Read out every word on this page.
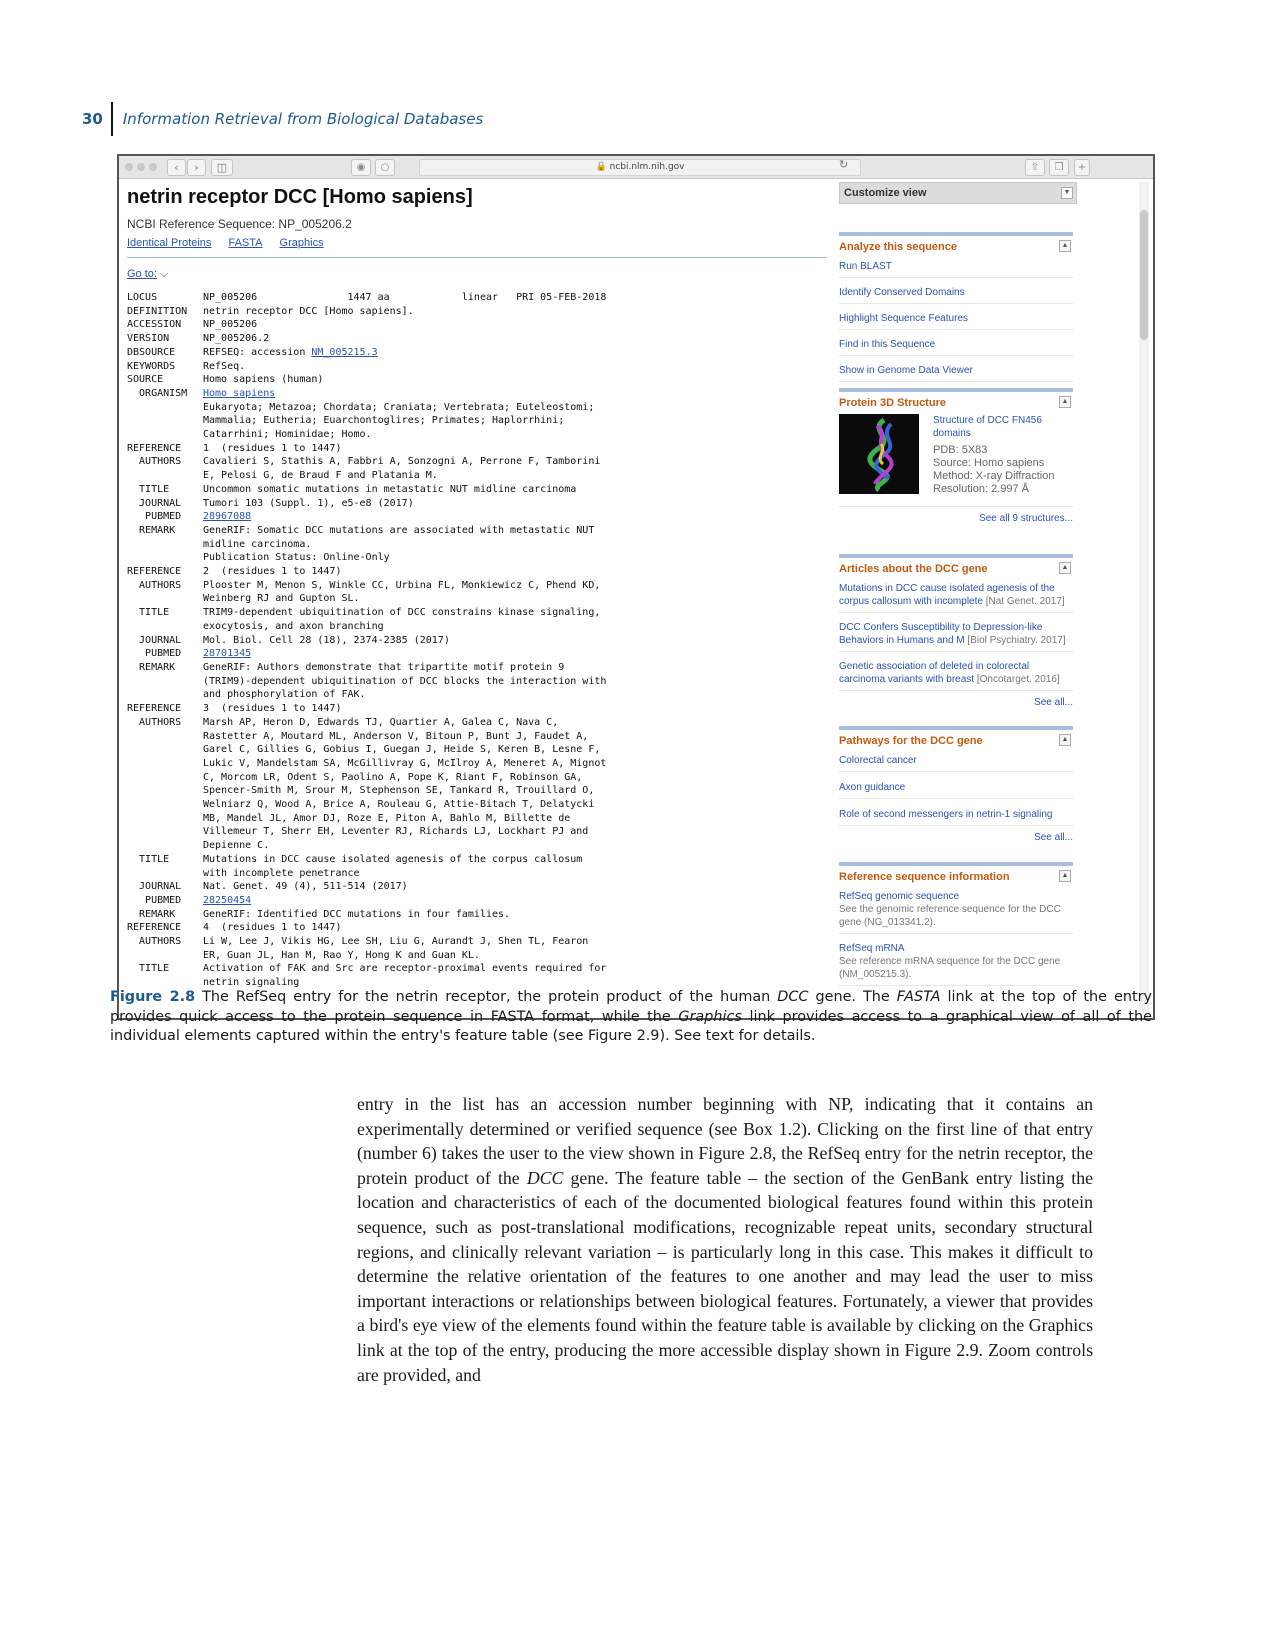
30	Information Retrieval from Biological Databases
‹	›	◫	◉	○	🔒 ncbi.nlm.nih.gov	↻	⇧	❐	+
netrin receptor DCC [Homo sapiens]
NCBI Reference Sequence: NP_005206.2
Identical Proteins FASTA Graphics
Go to: ⌵
LOCUS	NP_005206               1447 aa            linear   PRI 05-FEB-2018
DEFINITION	netrin receptor DCC [Homo sapiens].
ACCESSION	NP_005206
VERSION	NP_005206.2
DBSOURCE	REFSEQ: accession NM_005215.3
KEYWORDS	RefSeq.
SOURCE	Homo sapiens (human)
ORGANISM	Homo sapiens
Eukaryota; Metazoa; Chordata; Craniata; Vertebrata; Euteleostomi;
Mammalia; Eutheria; Euarchontoglires; Primates; Haplorrhini;
Catarrhini; Hominidae; Homo.
REFERENCE	1  (residues 1 to 1447)
AUTHORS	Cavalieri S, Stathis A, Fabbri A, Sonzogni A, Perrone F, Tamborini
E, Pelosi G, de Braud F and Platania M.
TITLE	Uncommon somatic mutations in metastatic NUT midline carcinoma
JOURNAL	Tumori 103 (Suppl. 1), e5-e8 (2017)
PUBMED	28967088
REMARK	GeneRIF: Somatic DCC mutations are associated with metastatic NUT
midline carcinoma.
Publication Status: Online-Only
REFERENCE	2  (residues 1 to 1447)
AUTHORS	Plooster M, Menon S, Winkle CC, Urbina FL, Monkiewicz C, Phend KD,
Weinberg RJ and Gupton SL.
TITLE	TRIM9-dependent ubiquitination of DCC constrains kinase signaling,
exocytosis, and axon branching
JOURNAL	Mol. Biol. Cell 28 (18), 2374-2385 (2017)
PUBMED	28701345
REMARK	GeneRIF: Authors demonstrate that tripartite motif protein 9
(TRIM9)-dependent ubiquitination of DCC blocks the interaction with
and phosphorylation of FAK.
REFERENCE	3  (residues 1 to 1447)
AUTHORS	Marsh AP, Heron D, Edwards TJ, Quartier A, Galea C, Nava C,
Rastetter A, Moutard ML, Anderson V, Bitoun P, Bunt J, Faudet A,
Garel C, Gillies G, Gobius I, Guegan J, Heide S, Keren B, Lesne F,
Lukic V, Mandelstam SA, McGillivray G, McIlroy A, Meneret A, Mignot
C, Morcom LR, Odent S, Paolino A, Pope K, Riant F, Robinson GA,
Spencer-Smith M, Srour M, Stephenson SE, Tankard R, Trouillard O,
Welniarz Q, Wood A, Brice A, Rouleau G, Attie-Bitach T, Delatycki
MB, Mandel JL, Amor DJ, Roze E, Piton A, Bahlo M, Billette de
Villemeur T, Sherr EH, Leventer RJ, Richards LJ, Lockhart PJ and
Depienne C.
TITLE	Mutations in DCC cause isolated agenesis of the corpus callosum
with incomplete penetrance
JOURNAL	Nat. Genet. 49 (4), 511-514 (2017)
PUBMED	28250454
REMARK	GeneRIF: Identified DCC mutations in four families.
REFERENCE	4  (residues 1 to 1447)
AUTHORS	Li W, Lee J, Vikis HG, Lee SH, Liu G, Aurandt J, Shen TL, Fearon
ER, Guan JL, Han M, Rao Y, Hong K and Guan KL.
TITLE	Activation of FAK and Src are receptor-proximal events required for
netrin signaling
Customize view	▼
Analyze this sequence	▲
Run BLAST
Identify Conserved Domains
Highlight Sequence Features
Find in this Sequence
Show in Genome Data Viewer
Protein 3D Structure	▲
Structure of DCC FN456 domains
PDB: 5X83
Source: Homo sapiens
Method: X-ray Diffraction
Resolution: 2.997 Å
See all 9 structures...
Articles about the DCC gene	▲
Mutations in DCC cause isolated agenesis of the corpus callosum with incomplete [Nat Genet. 2017]
DCC Confers Susceptibility to Depression-like Behaviors in Humans and M [Biol Psychiatry. 2017]
Genetic association of deleted in colorectal carcinoma variants with breast [Oncotarget. 2016]
See all...
Pathways for the DCC gene	▲
Colorectal cancer
Axon guidance
Role of second messengers in netrin-1 signaling
See all...
Reference sequence information	▲
RefSeq genomic sequence
See the genomic reference sequence for the DCC gene (NG_013341.2).
RefSeq mRNA
See reference mRNA sequence for the DCC gene (NM_005215.3).
Figure 2.8 The RefSeq entry for the netrin receptor, the protein product of the human DCC gene. The FASTA link at the top of the entry provides quick access to the protein sequence in FASTA format, while the Graphics link provides access to a graphical view of all of the individual elements captured within the entry's feature table (see Figure 2.9). See text for details.
entry in the list has an accession number beginning with NP, indicating that it contains an experimentally determined or verified sequence (see Box 1.2). Clicking on the first line of that entry (number 6) takes the user to the view shown in Figure 2.8, the RefSeq entry for the netrin receptor, the protein product of the DCC gene. The feature table – the section of the GenBank entry listing the location and characteristics of each of the documented biological features found within this protein sequence, such as post-translational modifications, recognizable repeat units, secondary structural regions, and clinically relevant variation – is particularly long in this case. This makes it difficult to determine the relative orientation of the features to one another and may lead the user to miss important interactions or relationships between biological features. Fortunately, a viewer that provides a bird's eye view of the elements found within the feature table is available by clicking on the Graphics link at the top of the entry, producing the more accessible display shown in Figure 2.9. Zoom controls are provided, and
